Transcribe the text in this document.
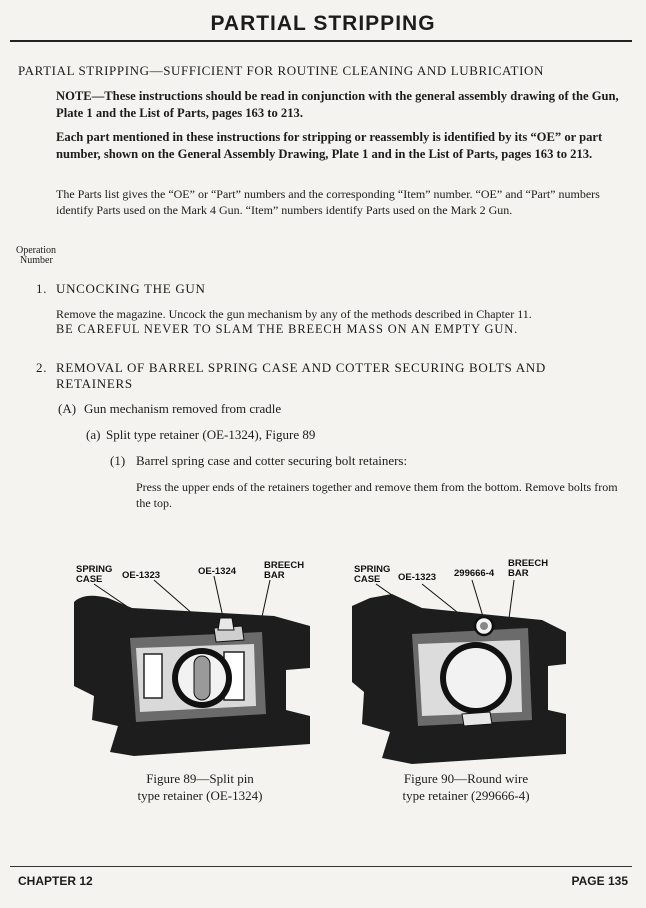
PARTIAL STRIPPING
PARTIAL STRIPPING—SUFFICIENT FOR ROUTINE CLEANING AND LUBRICATION
NOTE—These instructions should be read in conjunction with the general assembly drawing of the Gun, Plate 1 and the List of Parts, pages 163 to 213.
Each part mentioned in these instructions for stripping or reassembly is identified by its “OE” or part number, shown on the General Assembly Drawing, Plate 1 and in the List of Parts, pages 163 to 213.
The Parts list gives the “OE” or “Part” numbers and the corresponding “Item” number. “OE” and “Part” numbers identify Parts used on the Mark 4 Gun. “Item” numbers identify Parts used on the Mark 2 Gun.
Operation
Number
1. UNCOCKING THE GUN
Remove the magazine. Uncock the gun mechanism by any of the methods described in Chapter 11.
BE CAREFUL NEVER TO SLAM THE BREECH MASS ON AN EMPTY GUN.
2. REMOVAL OF BARREL SPRING CASE AND COTTER SECURING BOLTS AND RETAINERS
(A) Gun mechanism removed from cradle
(a) Split type retainer (OE-1324), Figure 89
(1) Barrel spring case and cotter securing bolt retainers:
Press the upper ends of the retainers together and remove them from the bottom. Remove bolts from the top.
SPRING
CASE OE-1323	OE-1324
BREECH
BAR
SPRING
CASE OE-1323 299666-4
BREECH
BAR
Figure 89—Split pin
type retainer (OE-1324)
Figure 90—Round wire
type retainer (299666-4)
CHAPTER 12	PAGE 135
